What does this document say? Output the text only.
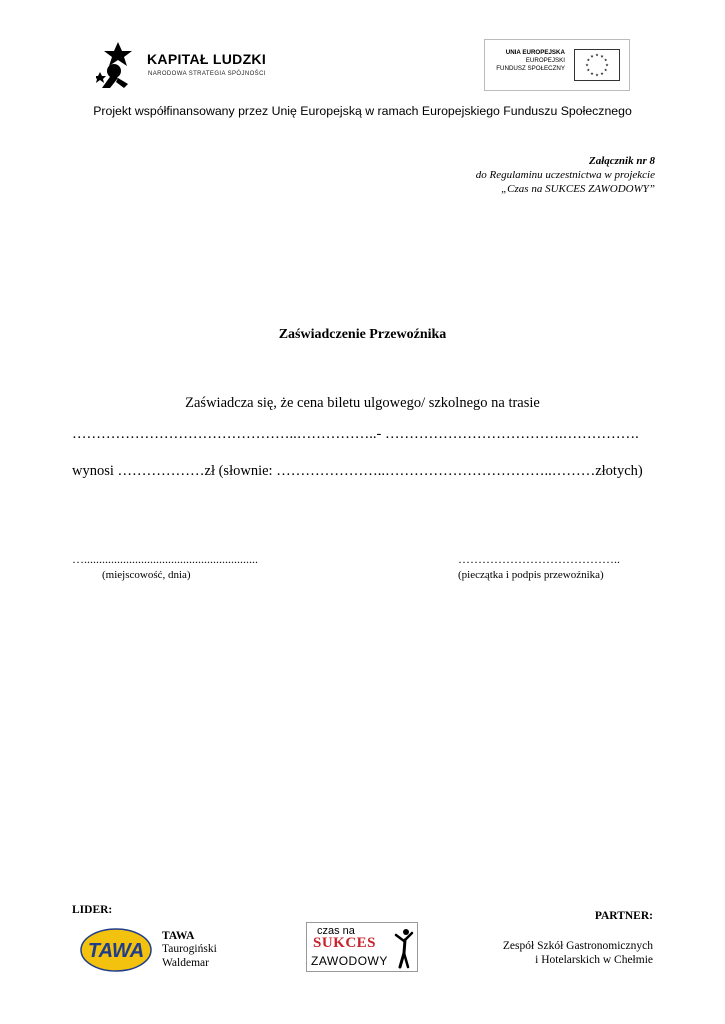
KAPITAŁ LUDZKI
NARODOWA STRATEGIA SPÓJNOŚCI
UNIA EUROPEJSKA
EUROPEJSKI
FUNDUSZ SPOŁECZNY
Projekt współfinansowany przez Unię Europejską w ramach Europejskiego Funduszu Społecznego
Załącznik nr 8
do Regulaminu uczestnictwa w projekcie
„Czas na SUKCES ZAWODOWY”
Zaświadczenie Przewoźnika
Zaświadcza się, że cena biletu ulgowego/ szkolnego na trasie
………………………………………..……………..- ……………………………….…………….
wynosi ………………zł (słownie: …………………..……………………………..………złotych)
…..........................................................
(miejscowość, dnia)
…………………………………..
(pieczątka i podpis przewoźnika)
LIDER:
TAWA
TAWA
Taurogiński
Waldemar
czas na
SUKCES
ZAWODOWY
PARTNER:
Zespół Szkół Gastronomicznych
i Hotelarskich w Chełmie
